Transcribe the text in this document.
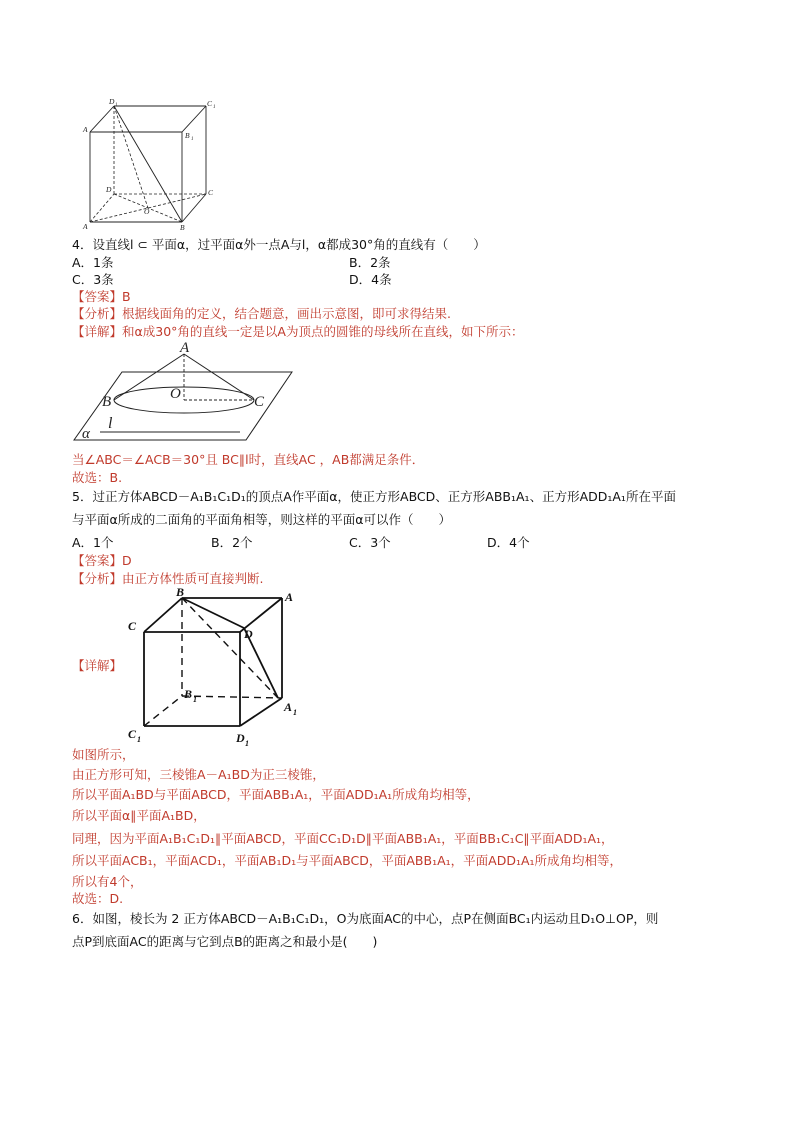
D 1	C 1
A
B 1
D	C
O
A	B
4．设直线l ⊂ 平面α，过平面α外一点A与l，α都成30°角的直线有（　　）
A．1条	B．2条
C．3条	D．4条
【答案】B
【分析】根据线面角的定义，结合题意，画出示意图，即可求得结果.
【详解】和α成30°角的直线一定是以A为顶点的圆锥的母线所在直线，如下所示：
A
O
B	C
l
α
当∠ABC＝∠ACB＝30°且 BC∥l时，直线AC ，AB都满足条件．
故选：B.
5．过正方体ABCD－A₁B₁C₁D₁的顶点A作平面α，使正方形ABCD、正方形ABB₁A₁、正方形ADD₁A₁所在平面
与平面α所成的二面角的平面角相等，则这样的平面α可以作（　　）
A．1个	B．2个	C．3个	D．4个
【答案】D
【分析】由正方体性质可直接判断.
【详解】
B	A
C
D
B 1
A 1
C 1	D 1
如图所示，
由正方形可知，三棱锥A－A₁BD为正三棱锥，
所以平面A₁BD与平面ABCD，平面ABB₁A₁，平面ADD₁A₁所成角均相等，
所以平面α∥平面A₁BD，
同理，因为平面A₁B₁C₁D₁∥平面ABCD，平面CC₁D₁D∥平面ABB₁A₁，平面BB₁C₁C∥平面ADD₁A₁，
所以平面ACB₁，平面ACD₁，平面AB₁D₁与平面ABCD，平面ABB₁A₁，平面ADD₁A₁所成角均相等，
所以有4个，
故选：D.
6．如图，棱长为 2 正方体ABCD－A₁B₁C₁D₁，O为底面AC的中心，点P在侧面BC₁内运动且D₁O⊥OP，则
点P到底面AC的距离与它到点B的距离之和最小是(　　)
